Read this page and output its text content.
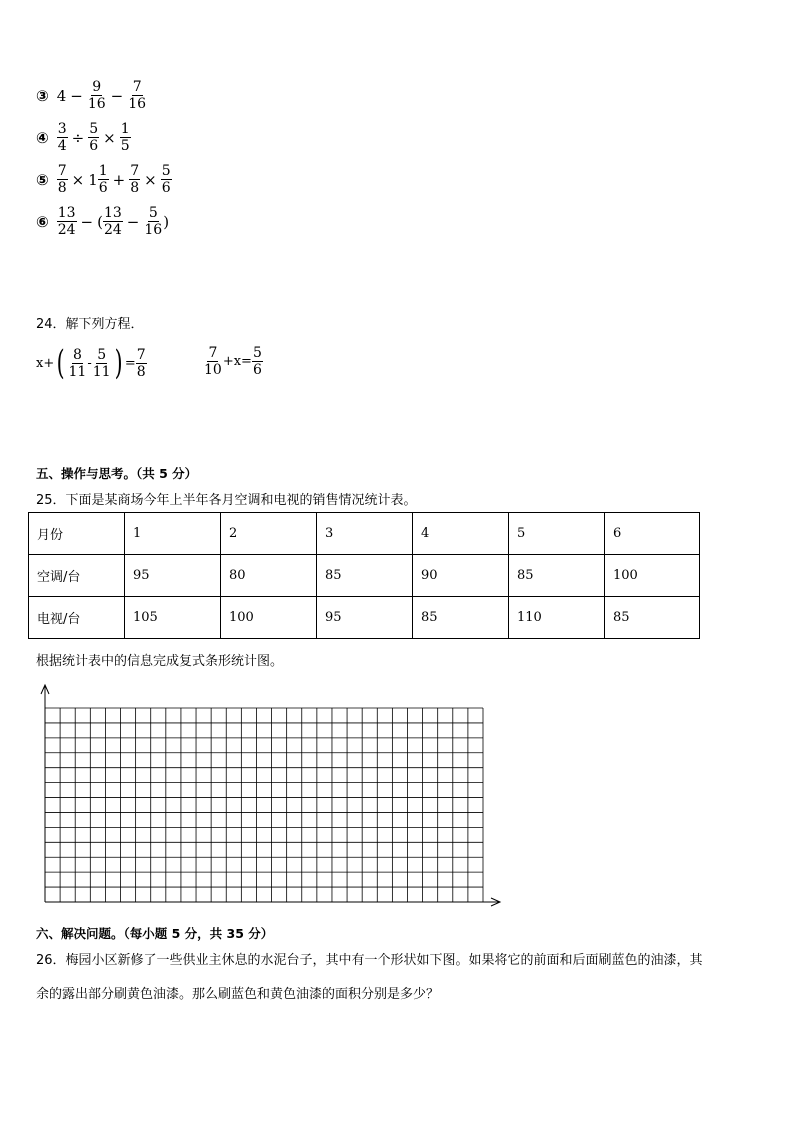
③ $4 - \frac{9}{16} - \frac{7}{16}$
④ $\frac{3}{4} \div \frac{5}{6} \times \frac{1}{5}$
⑤ $\frac{7}{8} \times 1 \frac{1}{6} + \frac{7}{8} \times \frac{5}{6}$
⑥ $\frac{13}{24}$ − ( $\frac{13}{24} - \frac{5}{16}$ )
24．解下列方程．
x+ ( $\frac{8}{11} - \frac{5}{11}$ ) = $\frac{7}{8}$	$\frac{7}{10} +x= \frac{5}{6}$
五、操作与思考。（共 5 分）
25．下面是某商场今年上半年各月空调和电视的销售情况统计表。
月份	1	2	3	4	5	6
空调/台	95	80	85	90	85	100
电视/台	105	100	95	85	110	85
根据统计表中的信息完成复式条形统计图。
六、解决问题。（每小题 5 分，共 35 分）
26．梅园小区新修了一些供业主休息的水泥台子，其中有一个形状如下图。如果将它的前面和后面刷蓝色的油漆，其
余的露出部分刷黄色油漆。那么刷蓝色和黄色油漆的面积分别是多少？
